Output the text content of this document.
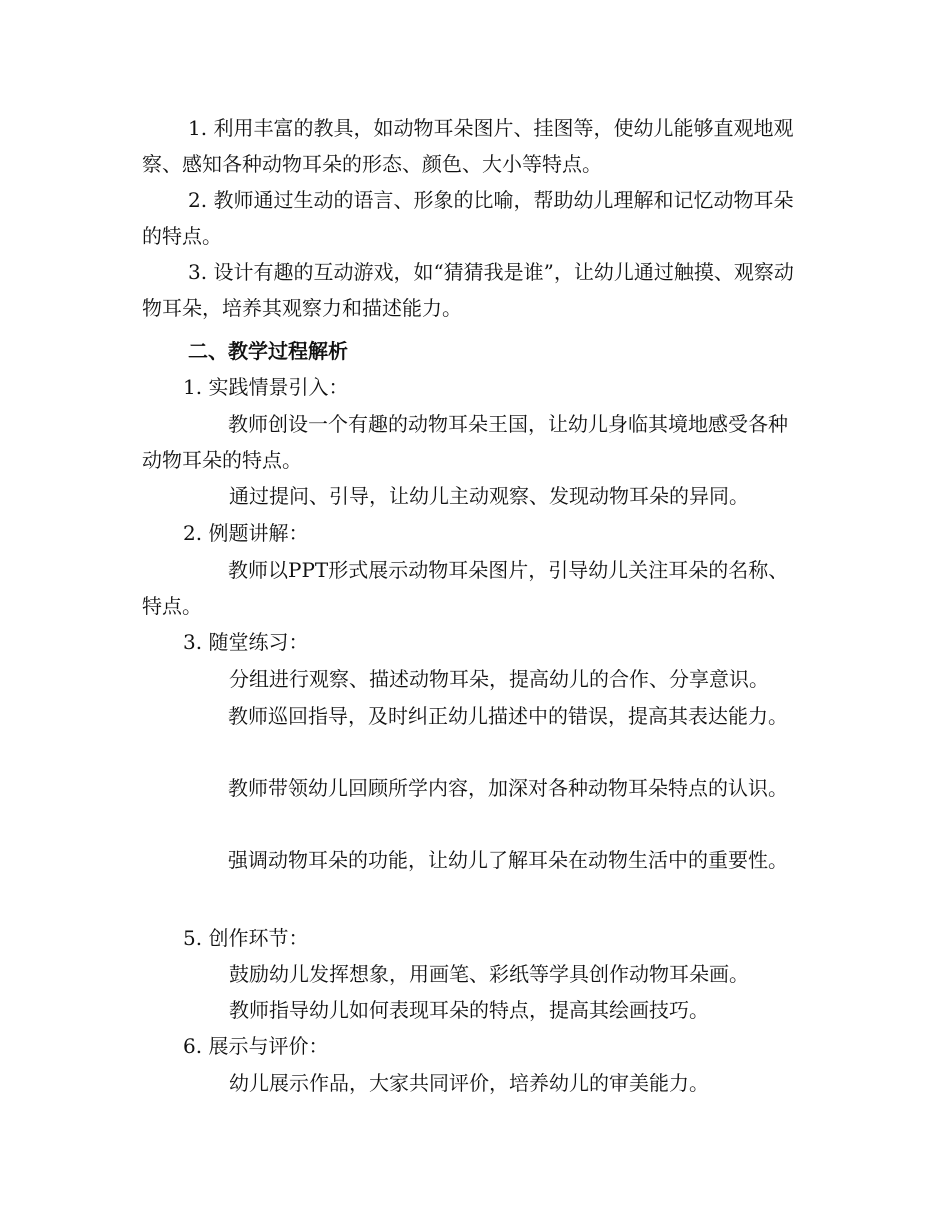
1. 利用丰富的教具，如动物耳朵图片、挂图等，使幼儿能够直观地观察、感知各种动物耳朵的形态、颜色、大小等特点。

2. 教师通过生动的语言、形象的比喻，帮助幼儿理解和记忆动物耳朵的特点。

3. 设计有趣的互动游戏，如“猜猜我是谁”，让幼儿通过触摸、观察动物耳朵，培养其观察力和描述能力。

二、教学过程解析

1. 实践情景引入：

教师创设一个有趣的动物耳朵王国，让幼儿身临其境地感受各种动物耳朵的特点。

通过提问、引导，让幼儿主动观察、发现动物耳朵的异同。

2. 例题讲解：

教师以PPT形式展示动物耳朵图片，引导幼儿关注耳朵的名称、特点。

3. 随堂练习：

分组进行观察、描述动物耳朵，提高幼儿的合作、分享意识。

教师巡回指导，及时纠正幼儿描述中的错误，提高其表达能力。

教师带领幼儿回顾所学内容，加深对各种动物耳朵特点的认识。

强调动物耳朵的功能，让幼儿了解耳朵在动物生活中的重要性。

5. 创作环节：

鼓励幼儿发挥想象，用画笔、彩纸等学具创作动物耳朵画。

教师指导幼儿如何表现耳朵的特点，提高其绘画技巧。

6. 展示与评价：

幼儿展示作品，大家共同评价，培养幼儿的审美能力。
